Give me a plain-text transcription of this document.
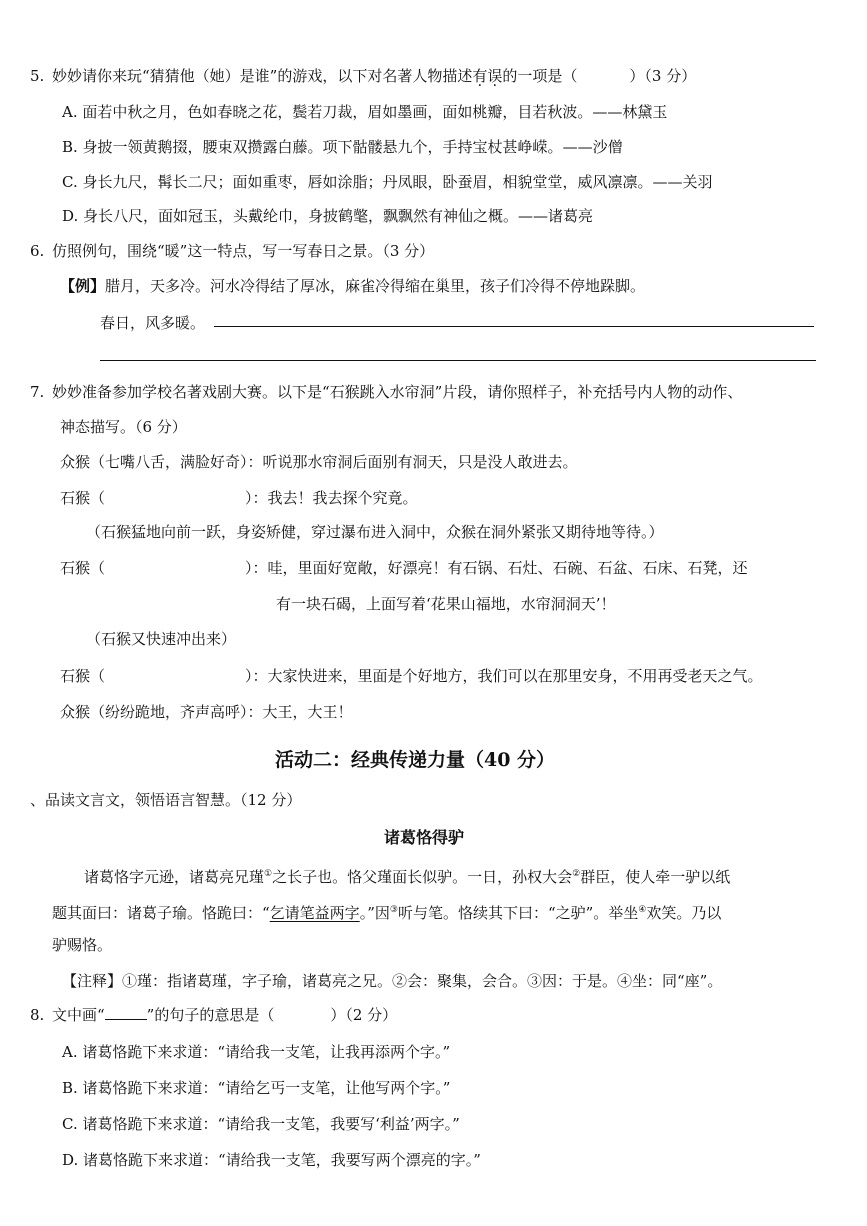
5. 妙妙请你来玩“猜猜他（她）是谁”的游戏，以下对名著人物描述有误的一项是（	）（3 分）
A. 面若中秋之月，色如春晓之花，鬓若刀裁，眉如墨画，面如桃瓣，目若秋波。——林黛玉
B. 身披一领黄鹅掇，腰束双攒露白藤。项下骷髅悬九个，手持宝杖甚峥嵘。——沙僧
C. 身长九尺，髯长二尺；面如重枣，唇如涂脂；丹凤眼，卧蚕眉，相貌堂堂，威风凛凛。——关羽
D. 身长八尺，面如冠玉，头戴纶巾，身披鹤氅，飘飘然有神仙之概。——诸葛亮
6. 仿照例句，围绕“暖”这一特点，写一写春日之景。（3 分）
【例】腊月，天多冷。河水冷得结了厚冰，麻雀冷得缩在巢里，孩子们冷得不停地跺脚。
春日，风多暖。
7. 妙妙准备参加学校名著戏剧大赛。以下是“石猴跳入水帘洞”片段，请你照样子，补充括号内人物的动作、
神态描写。（6 分）
众猴（七嘴八舌，满脸好奇）：听说那水帘洞后面别有洞天，只是没人敢进去。
石猴（	）：我去！我去探个究竟。
（石猴猛地向前一跃，身姿矫健，穿过瀑布进入洞中，众猴在洞外紧张又期待地等待。）
石猴（	）：哇，里面好宽敞，好漂亮！有石锅、石灶、石碗、石盆、石床、石凳，还
有一块石碣，上面写着‘花果山福地，水帘洞洞天’！
（石猴又快速冲出来）
石猴（	）：大家快进来，里面是个好地方，我们可以在那里安身，不用再受老天之气。
众猴（纷纷跪地，齐声高呼）：大王，大王！
活动二：经典传递力量（40 分）
、品读文言文，领悟语言智慧。（12 分）
诸葛恪得驴
诸葛恪字元逊，诸葛亮兄瑾①之长子也。恪父瑾面长似驴。一日，孙权大会②群臣，使人牵一驴以纸
题其面曰：诸葛子瑜。恪跪曰：“乞请笔益两字。”因③听与笔。恪续其下曰：“之驴”。举坐④欢笑。乃以
驴赐恪。
【注释】①瑾：指诸葛瑾，字子瑜，诸葛亮之兄。②会：聚集，会合。③因：于是。④坐：同“座”。
8. 文中画“	”的句子的意思是（	）（2 分）
A. 诸葛恪跪下来求道：“请给我一支笔，让我再添两个字。”
B. 诸葛恪跪下来求道：“请给乞丐一支笔，让他写两个字。”
C. 诸葛恪跪下来求道：“请给我一支笔，我要写‘利益’两字。”
D. 诸葛恪跪下来求道：“请给我一支笔，我要写两个漂亮的字。”
